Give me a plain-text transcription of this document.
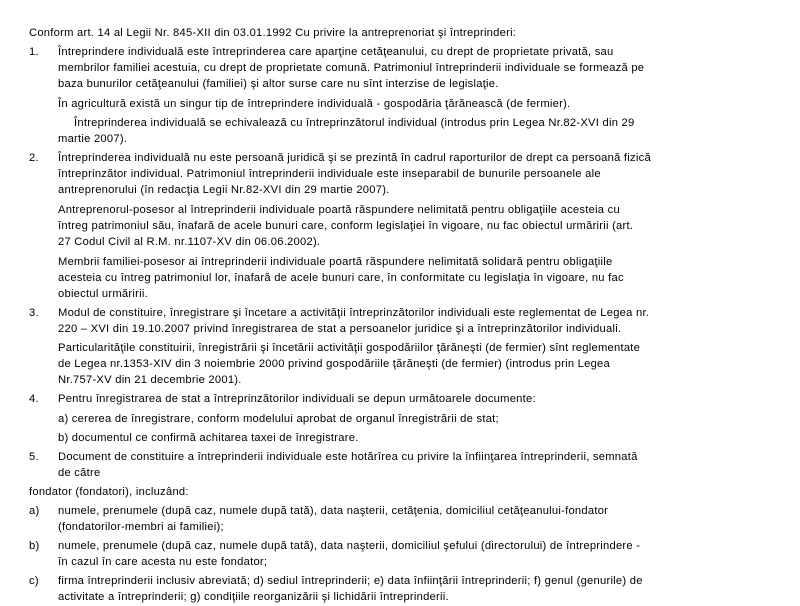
Conform art. 14 al Legii Nr. 845-XII din 03.01.1992 Cu privire la antreprenoriat şi întreprinderi:
1. Întreprindere individuală este întreprinderea care aparţine cetăţeanului, cu drept de proprietate privată, sau
membrilor familiei acestuia, cu drept de proprietate comună. Patrimoniul întreprinderii individuale se formează pe
baza bunurilor cetăţeanului (familiei) şi altor surse care nu sînt interzise de legislaţie.
În agricultură există un singur tip de întreprindere individuală - gospodăria ţărănească (de fermier).
Întreprinderea individuală se echivalează cu întreprinzătorul individual (introdus prin Legea Nr.82-XVI din 29
martie 2007).
2. Întreprinderea individuală nu este persoană juridică şi se prezintă în cadrul raporturilor de drept ca persoană fizică
întreprinzător individual. Patrimoniul întreprinderii individuale este inseparabil de bunurile persoanele ale
antreprenorului (în redacţia Legii Nr.82-XVI din 29 martie 2007).
Antreprenorul-posesor al întreprinderii individuale poartă răspundere nelimitată pentru obligaţiile acesteia cu
întreg patrimoniul său, înafară de acele bunuri care, conform legislaţiei în vigoare, nu fac obiectul urmăririi (art.
27 Codul Civil al R.M. nr.1107-XV din 06.06.2002).
Membrii familiei-posesor ai întreprinderii individuale poartă răspundere nelimitată solidară pentru obligaţiile
acesteia cu întreg patrimoniul lor, înafară de acele bunuri care, în conformitate cu legislaţia în vigoare, nu fac
obiectul urmăririi.
3. Modul de constituire, înregistrare şi încetare a activităţii întreprinzătorilor individuali este reglementat de Legea nr.
220 – XVI din 19.10.2007 privind înregistrarea de stat a persoanelor juridice şi a întreprinzătorilor individuali.
Particularităţile constituirii, înregistrării şi încetării activităţii gospodăriilor ţărăneşti (de fermier) sînt reglementate
de Legea nr.1353-XIV din 3 noiembrie 2000 privind gospodăriile ţărăneşti (de fermier) (introdus prin Legea
Nr.757-XV din 21 decembrie 2001).
4. Pentru înregistrarea de stat a întreprinzătorilor individuali se depun următoarele documente:
a) cererea de înregistrare, conform modelului aprobat de organul înregistrării de stat;
b) documentul ce confirmă achitarea taxei de înregistrare.
5. Document de constituire a întreprinderii individuale este hotărîrea cu privire la înfiinţarea întreprinderii, semnată
de către
fondator (fondatori), incluzând:
a) numele, prenumele (după caz, numele după tată), data naşterii, cetăţenia, domiciliul cetăţeanului-fondator
(fondatorilor-membri ai familiei);
b) numele, prenumele (după caz, numele după tată), data naşterii, domiciliul şefului (directorului) de întreprindere -
în cazul în care acesta nu este fondator;
c) firma întreprinderii inclusiv abreviată; d) sediul întreprinderii; e) data înfiinţării întreprinderii; f) genul (genurile) de
activitate a întreprinderii; g) condiţiile reorganizării şi lichidării întreprinderii.
